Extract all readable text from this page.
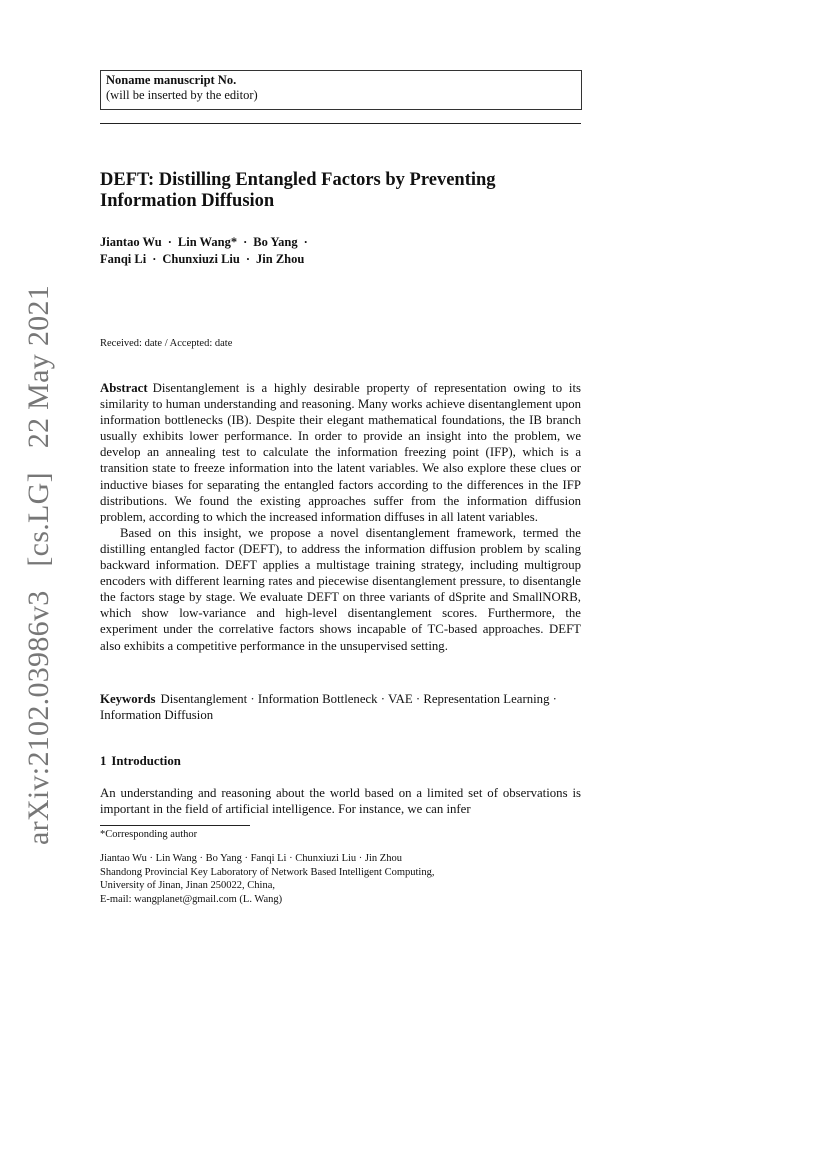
arXiv:2102.03986v3 [cs.LG] 22 May 2021
Noname manuscript No.
(will be inserted by the editor)
DEFT: Distilling Entangled Factors by Preventing Information Diffusion
Jiantao Wu · Lin Wang* · Bo Yang ·
Fanqi Li · Chunxiuzi Liu · Jin Zhou
Received: date / Accepted: date

Abstract Disentanglement is a highly desirable property of representation owing to its similarity to human understanding and reasoning. Many works achieve disentanglement upon information bottlenecks (IB). Despite their elegant mathematical foundations, the IB branch usually exhibits lower performance. In order to provide an insight into the problem, we develop an annealing test to calculate the information freezing point (IFP), which is a transition state to freeze information into the latent variables. We also explore these clues or inductive biases for separating the entangled factors according to the differences in the IFP distributions. We found the existing approaches suffer from the information diffusion problem, according to which the increased information diffuses in all latent variables.

Based on this insight, we propose a novel disentanglement framework, termed the distilling entangled factor (DEFT), to address the information diffusion problem by scaling backward information. DEFT applies a multistage training strategy, including multigroup encoders with different learning rates and piecewise disentanglement pressure, to disentangle the factors stage by stage. We evaluate DEFT on three variants of dSprite and SmallNORB, which show low-variance and high-level disentanglement scores. Furthermore, the experiment under the correlative factors shows incapable of TC-based approaches. DEFT also exhibits a competitive performance in the unsupervised setting.

Keywords Disentanglement · Information Bottleneck · VAE · Representation Learning · Information Diffusion
1 Introduction

An understanding and reasoning about the world based on a limited set of observations is important in the field of artificial intelligence. For instance, we can infer

*Corresponding author
Jiantao Wu · Lin Wang · Bo Yang · Fanqi Li · Chunxiuzi Liu · Jin Zhou
Shandong Provincial Key Laboratory of Network Based Intelligent Computing,
University of Jinan, Jinan 250022, China,
E-mail: wangplanet@gmail.com (L. Wang)
